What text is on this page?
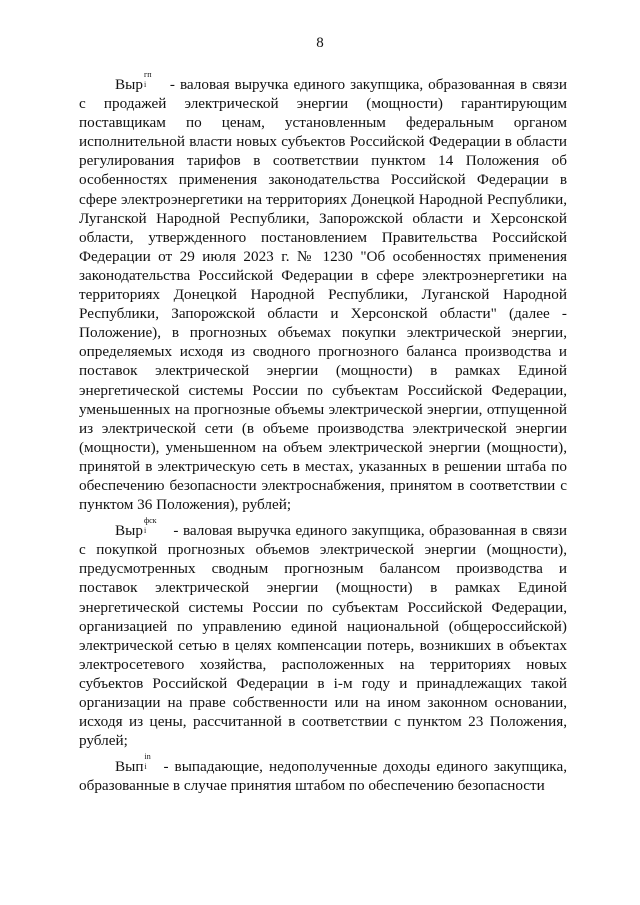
8

Выр
гп
i - валовая выручка единого закупщика, образованная в связи с продажей электрической энергии (мощности) гарантирующим поставщикам по ценам, установленным федеральным органом исполнительной власти новых субъектов Российской Федерации в области регулирования тарифов в соответствии пунктом 14 Положения об особенностях применения законодательства Российской Федерации в сфере электроэнергетики на территориях Донецкой Народной Республики, Луганской Народной Республики, Запорожской области и Херсонской области, утвержденного постановлением Правительства Российской Федерации от 29 июля 2023 г. № 1230 "Об особенностях применения законодательства Российской Федерации в сфере электроэнергетики на территориях Донецкой Народной Республики, Луганской Народной Республики, Запорожской области и Херсонской области" (далее - Положение), в прогнозных объемах покупки электрической энергии, определяемых исходя из сводного прогнозного баланса производства и поставок электрической энергии (мощности) в рамках Единой энергетической системы России по субъектам Российской Федерации, уменьшенных на прогнозные объемы электрической энергии, отпущенной из электрической сети (в объеме производства электрической энергии (мощности), уменьшенном на объем электрической энергии (мощности), принятой в электрическую сеть в местах, указанных в решении штаба по обеспечению безопасности электроснабжения, принятом в соответствии с пунктом 36 Положения), рублей;

Выр
фск
i - валовая выручка единого закупщика, образованная в связи с покупкой прогнозных объемов электрической энергии (мощности), предусмотренных сводным прогнозным балансом производства и поставок электрической энергии (мощности) в рамках Единой энергетической системы России по субъектам Российской Федерации, организацией по управлению единой национальной (общероссийской) электрической сетью в целях компенсации потерь, возникших в объектах электросетевого хозяйства, расположенных на территориях новых субъектов Российской Федерации в i-м году и принадлежащих такой организации на праве собственности или на ином законном основании, исходя из цены, рассчитанной в соответствии с пунктом 23 Положения, рублей;

Вып
in
i - выпадающие, недополученные доходы единого закупщика, образованные в случае принятия штабом по обеспечению безопасности
